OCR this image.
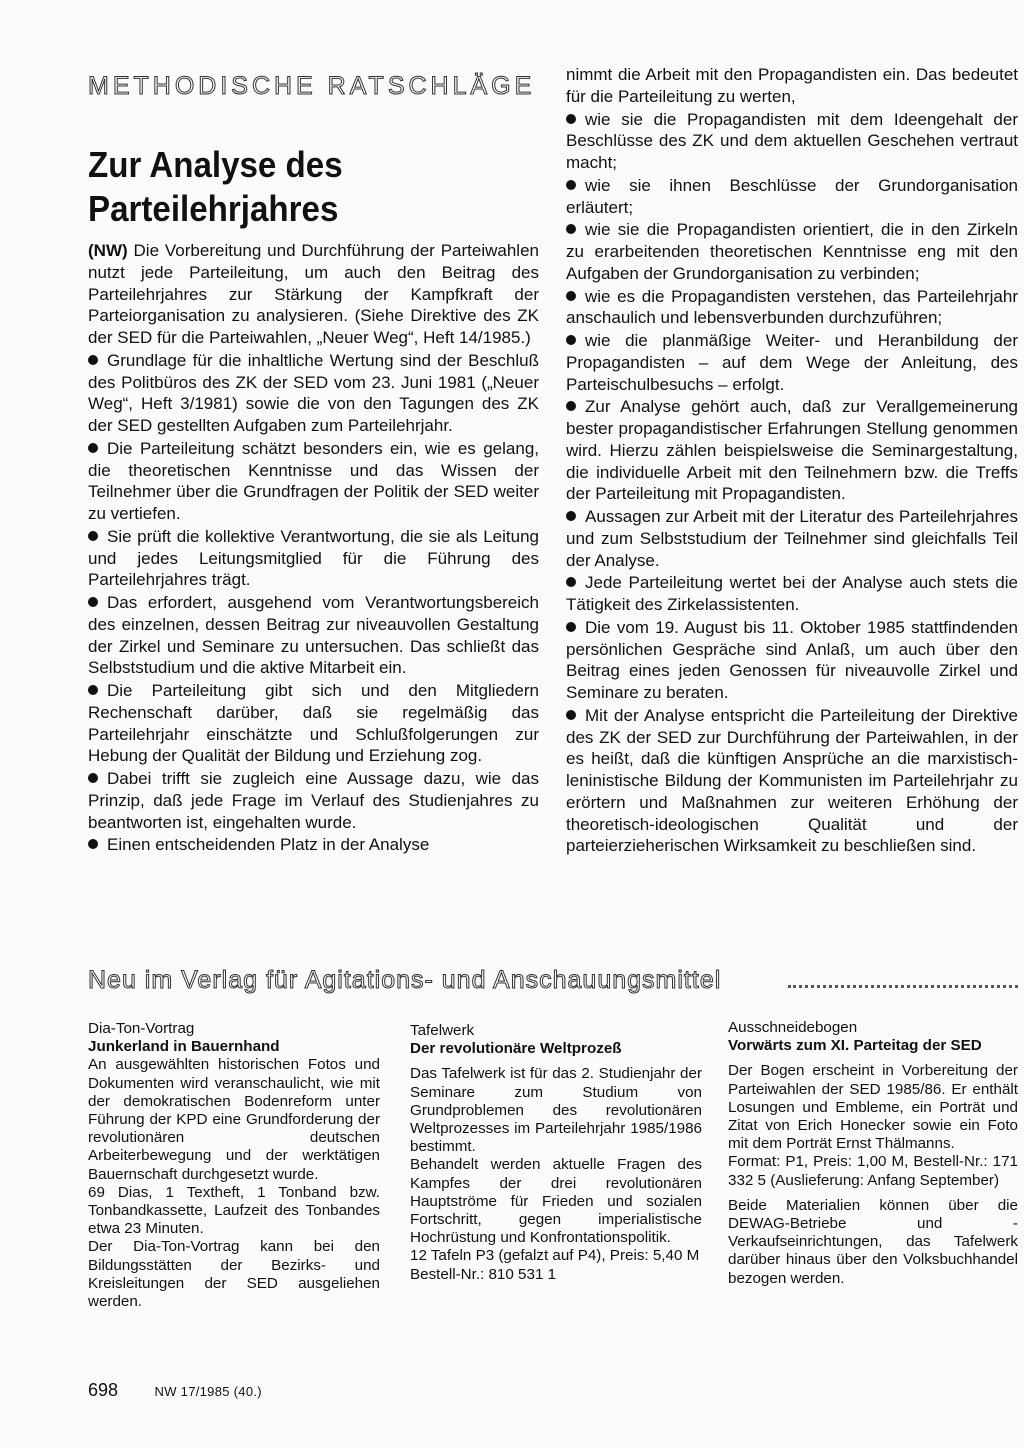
METHODISCHE RATSCHLÄGE
Zur Analyse des
Parteilehrjahres

(NW) Die Vorbereitung und Durchführung der Parteiwahlen nutzt jede Parteileitung, um auch den Beitrag des Parteilehrjahres zur Stärkung der Kampfkraft der Parteiorganisation zu analysieren. (Siehe Direktive des ZK der SED für die Parteiwahlen, „Neuer Weg“, Heft 14/1985.)

Grundlage für die inhaltliche Wertung sind der Beschluß des Politbüros des ZK der SED vom 23. Juni 1981 („Neuer Weg“, Heft 3/1981) sowie die von den Tagungen des ZK der SED gestellten Aufgaben zum Parteilehrjahr.

Die Parteileitung schätzt besonders ein, wie es gelang, die theoretischen Kenntnisse und das Wissen der Teilnehmer über die Grundfragen der Politik der SED weiter zu vertiefen.

Sie prüft die kollektive Verantwortung, die sie als Leitung und jedes Leitungsmitglied für die Führung des Parteilehrjahres trägt.

Das erfordert, ausgehend vom Verantwortungsbereich des einzelnen, dessen Beitrag zur niveauvollen Gestaltung der Zirkel und Seminare zu untersuchen. Das schließt das Selbststudium und die aktive Mitarbeit ein.

Die Parteileitung gibt sich und den Mitgliedern Rechenschaft darüber, daß sie regelmäßig das Parteilehrjahr einschätzte und Schlußfolgerungen zur Hebung der Qualität der Bildung und Erziehung zog.

Dabei trifft sie zugleich eine Aussage dazu, wie das Prinzip, daß jede Frage im Verlauf des Studienjahres zu beantworten ist, eingehalten wurde.

Einen entscheidenden Platz in der Analyse

nimmt die Arbeit mit den Propagandisten ein. Das bedeutet für die Parteileitung zu werten,

wie sie die Propagandisten mit dem Ideengehalt der Beschlüsse des ZK und dem aktuellen Geschehen vertraut macht;

wie sie ihnen Beschlüsse der Grundorganisation erläutert;

wie sie die Propagandisten orientiert, die in den Zirkeln zu erarbeitenden theoretischen Kenntnisse eng mit den Aufgaben der Grundorganisation zu verbinden;

wie es die Propagandisten verstehen, das Parteilehrjahr anschaulich und lebensverbunden durchzuführen;

wie die planmäßige Weiter- und Heranbildung der Propagandisten – auf dem Wege der Anleitung, des Parteischulbesuchs – erfolgt.

Zur Analyse gehört auch, daß zur Verallgemeinerung bester propagandistischer Erfahrungen Stellung genommen wird. Hierzu zählen beispielsweise die Seminargestaltung, die individuelle Arbeit mit den Teilnehmern bzw. die Treffs der Parteileitung mit Propagandisten.

Aussagen zur Arbeit mit der Literatur des Parteilehrjahres und zum Selbststudium der Teilnehmer sind gleichfalls Teil der Analyse.

Jede Parteileitung wertet bei der Analyse auch stets die Tätigkeit des Zirkelassistenten.

Die vom 19. August bis 11. Oktober 1985 stattfindenden persönlichen Gespräche sind Anlaß, um auch über den Beitrag eines jeden Genossen für niveauvolle Zirkel und Seminare zu beraten.

Mit der Analyse entspricht die Parteileitung der Direktive des ZK der SED zur Durchführung der Parteiwahlen, in der es heißt, daß die künftigen Ansprüche an die marxistisch-leninistische Bildung der Kommunisten im Parteilehrjahr zu erörtern und Maßnahmen zur weiteren Erhöhung der theoretisch-ideologischen Qualität und der parteierzieherischen Wirksamkeit zu beschließen sind.

Neu im Verlag für Agitations- und Anschauungsmittel

Dia-Ton-Vortrag

Junkerland in Bauernhand

An ausgewählten historischen Fotos und Dokumenten wird veranschaulicht, wie mit der demokratischen Bodenreform unter Führung der KPD eine Grundforderung der revolutionären deutschen Arbeiterbewegung und der werktätigen Bauernschaft durchgesetzt wurde.

69 Dias, 1 Textheft, 1 Tonband bzw. Tonbandkassette, Laufzeit des Tonbandes etwa 23 Minuten.

Der Dia-Ton-Vortrag kann bei den Bildungsstätten der Bezirks- und Kreisleitungen der SED ausgeliehen werden.

Tafelwerk

Der revolutionäre Weltprozeß

Das Tafelwerk ist für das 2. Studienjahr der Seminare zum Studium von Grundproblemen des revolutionären Weltprozesses im Parteilehrjahr 1985/1986 bestimmt.

Behandelt werden aktuelle Fragen des Kampfes der drei revolutionären Hauptströme für Frieden und sozialen Fortschritt, gegen imperialistische Hochrüstung und Konfrontationspolitik.

12 Tafeln P3 (gefalzt auf P4), Preis: 5,40 M

Bestell-Nr.: 810 531 1

Ausschneidebogen

Vorwärts zum XI. Parteitag der SED

Der Bogen erscheint in Vorbereitung der Parteiwahlen der SED 1985/86. Er enthält Losungen und Embleme, ein Porträt und Zitat von Erich Honecker sowie ein Foto mit dem Porträt Ernst Thälmanns.

Format: P1, Preis: 1,00 M, Bestell-Nr.: 171 332 5 (Auslieferung: Anfang September)

Beide Materialien können über die DEWAG-Betriebe und -Verkaufseinrichtungen, das Tafelwerk darüber hinaus über den Volksbuchhandel bezogen werden.

698	NW 17/1985 (40.)
